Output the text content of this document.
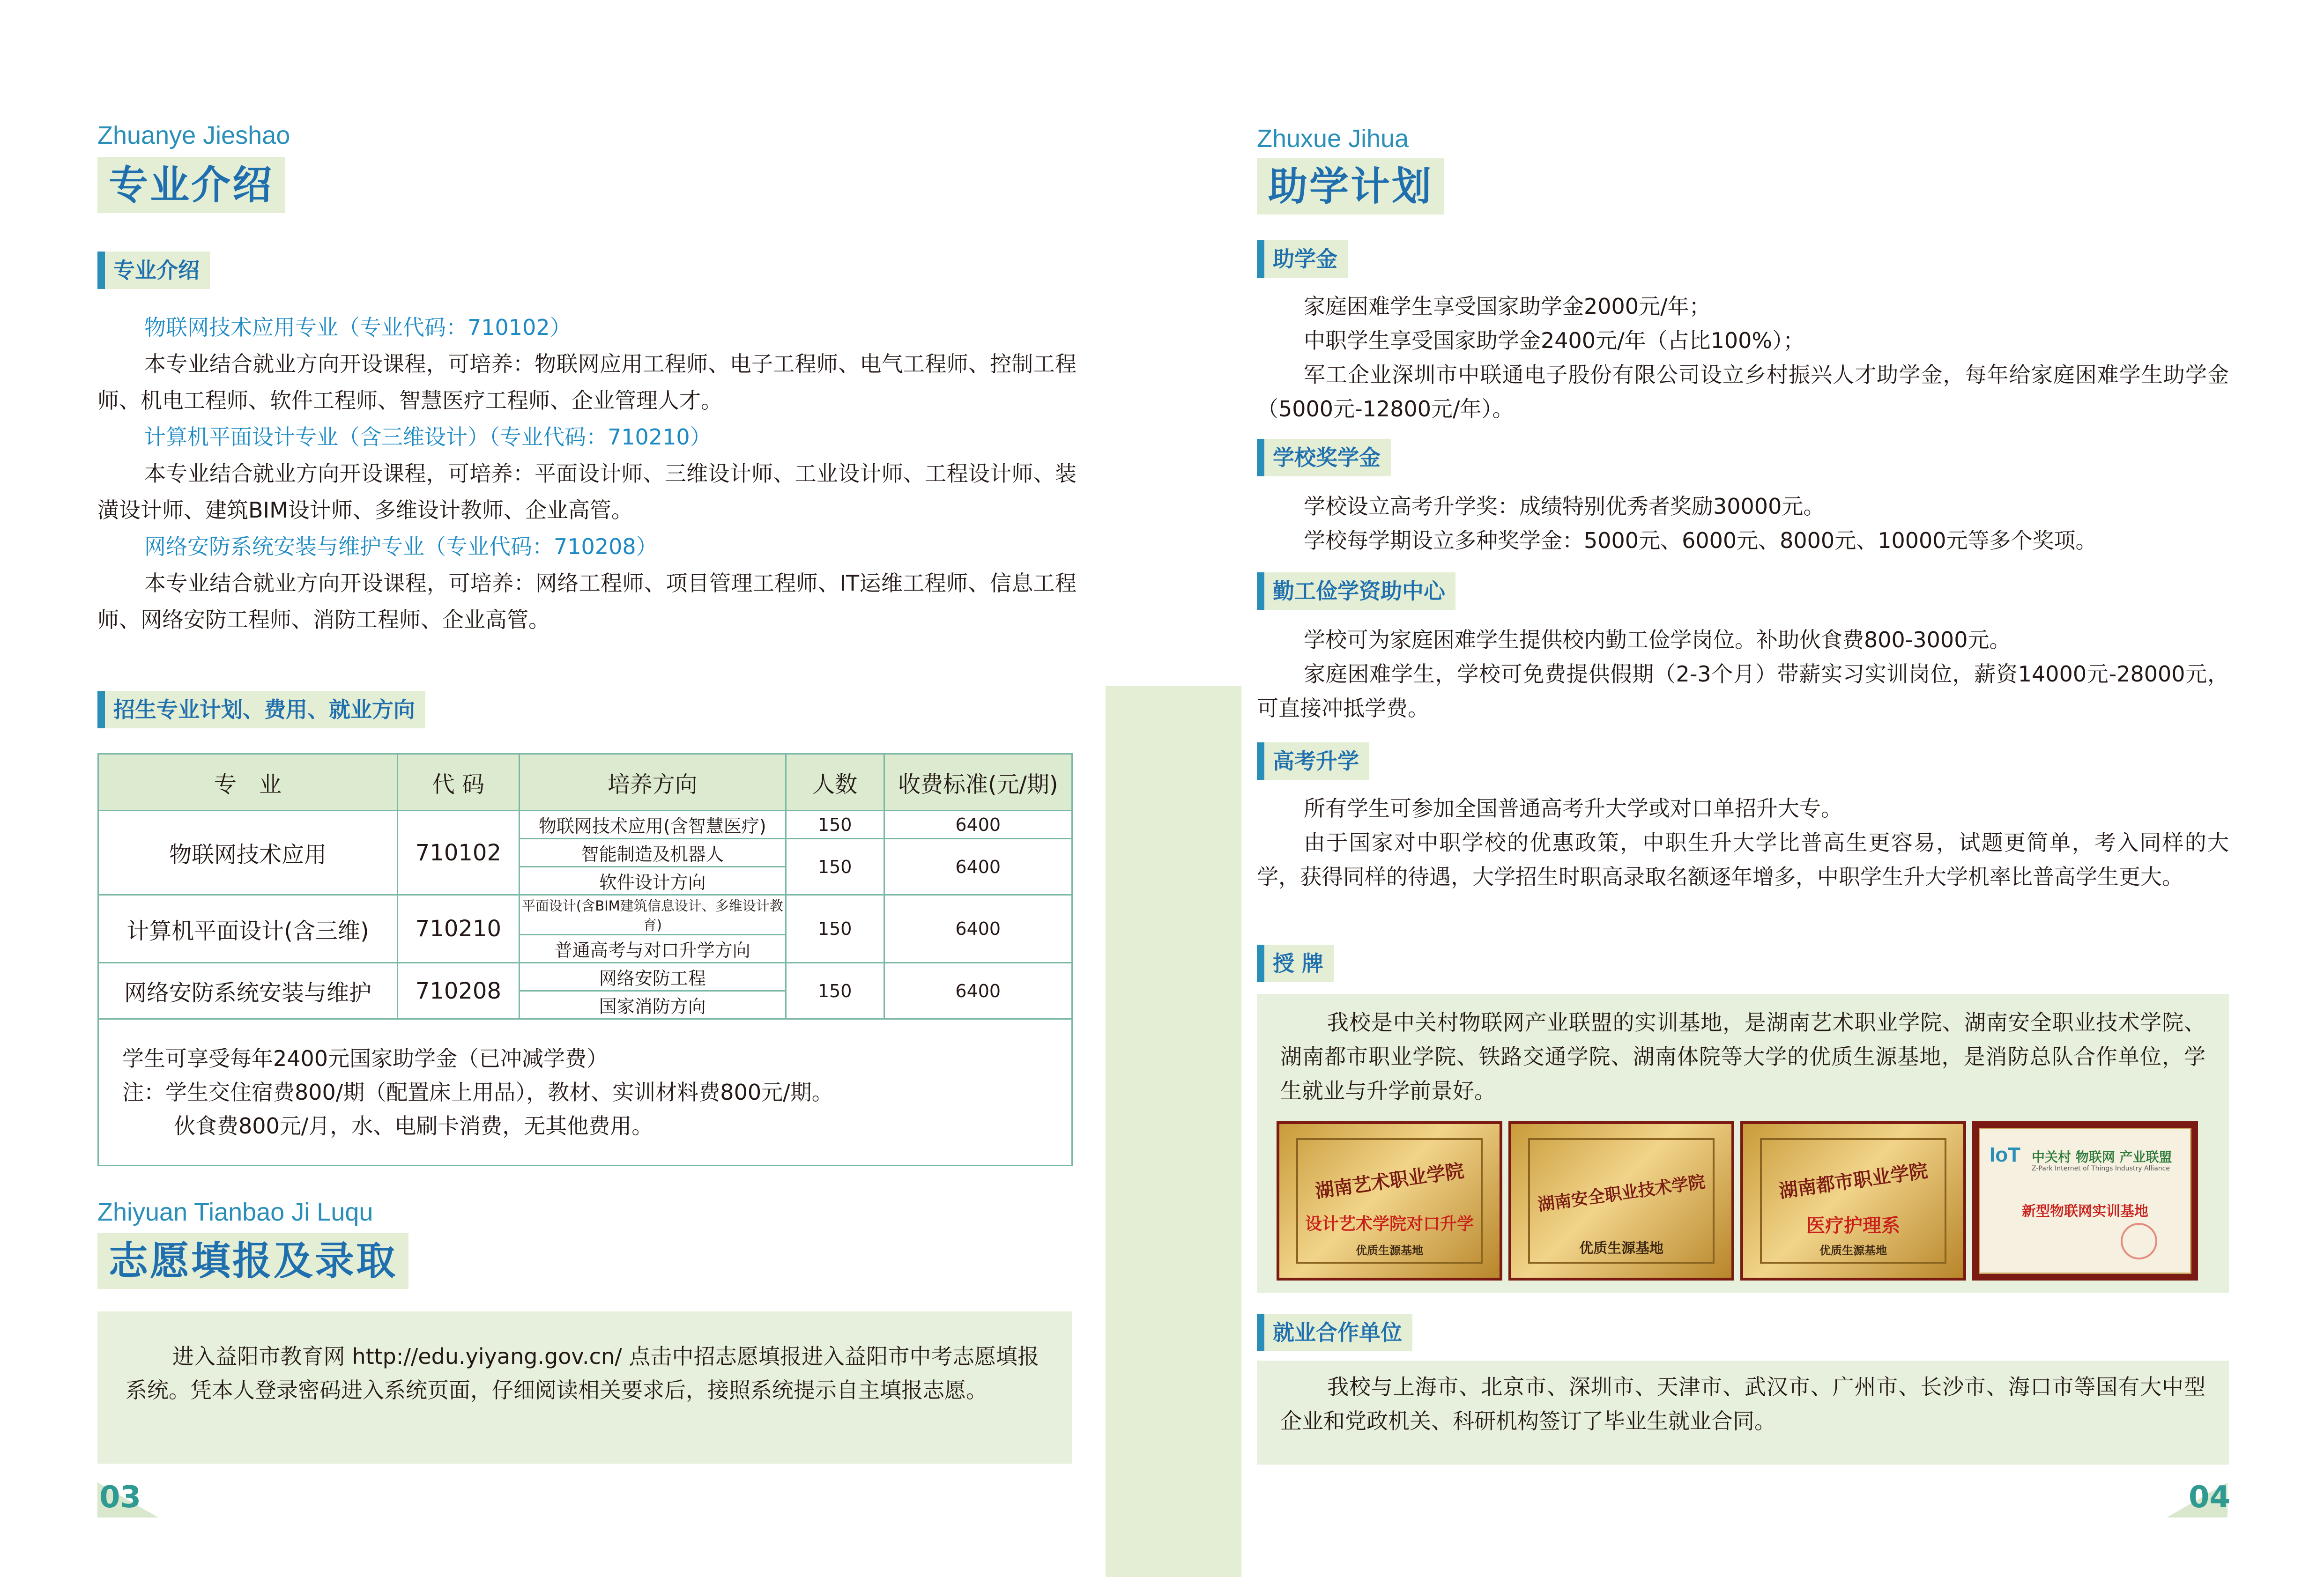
Zhuanye Jieshao
专业介绍
专业介绍

物联网技术应用专业（专业代码：710102）

本专业结合就业方向开设课程，可培养：物联网应用工程师、电子工程师、电气工程师、控制工程师、机电工程师、软件工程师、智慧医疗工程师、企业管理人才。

计算机平面设计专业（含三维设计）（专业代码：710210）

本专业结合就业方向开设课程，可培养：平面设计师、三维设计师、工业设计师、工程设计师、装潢设计师、建筑BIM设计师、多维设计教师、企业高管。

网络安防系统安装与维护专业（专业代码：710208）

本专业结合就业方向开设课程，可培养：网络工程师、项目管理工程师、IT运维工程师、信息工程师、网络安防工程师、消防工程师、企业高管。

招生专业计划、费用、就业方向
专　业	代 码	培养方向	人数	收费标准(元/期)
物联网技术应用	710102	物联网技术应用(含智慧医疗)	150	6400
		智能制造及机器人	150	6400
		软件设计方向		
计算机平面设计(含三维)	710210	平面设计(含BIM建筑信息设计、多维设计教育)	150	6400
		普通高考与对口升学方向		
网络安防系统安装与维护	710208	网络安防工程	150	6400
		国家消防方向		

学生可享受每年2400元国家助学金（已冲减学费）
注：学生交住宿费800/期（配置床上用品），教材、实训材料费800元/期。
伙食费800元/月，水、电刷卡消费，无其他费用。				
Zhiyuan Tianbao Ji Luqu
志愿填报及录取
进入益阳市教育网 http://edu.yiyang.gov.cn/ 点击中招志愿填报进入益阳市中考志愿填报系统。凭本人登录密码进入系统页面，仔细阅读相关要求后，接照系统提示自主填报志愿。
03
Zhuxue Jihua
助学计划
助学金

家庭困难学生享受国家助学金2000元/年；

中职学生享受国家助学金2400元/年（占比100%）；

军工企业深圳市中联通电子股份有限公司设立乡村振兴人才助学金，每年给家庭困难学生助学金（5000元-12800元/年）。

学校奖学金

学校设立高考升学奖：成绩特别优秀者奖励30000元。

学校每学期设立多种奖学金：5000元、6000元、8000元、10000元等多个奖项。

勤工俭学资助中心

学校可为家庭困难学生提供校内勤工俭学岗位。补助伙食费800-3000元。

家庭困难学生，学校可免费提供假期（2-3个月）带薪实习实训岗位，薪资14000元-28000元，可直接冲抵学费。

高考升学

所有学生可参加全国普通高考升大学或对口单招升大专。

由于国家对中职学校的优惠政策，中职生升大学比普高生更容易，试题更简单，考入同样的大学，获得同样的待遇，大学招生时职高录取名额逐年增多，中职学生升大学机率比普高学生更大。

授 牌
我校是中关村物联网产业联盟的实训基地，是湖南艺术职业学院、湖南安全职业技术学院、湖南都市职业学院、铁路交通学院、湖南体院等大学的优质生源基地，是消防总队合作单位，学生就业与升学前景好。
湖南艺术职业学院
设计艺术学院对口升学
优质生源基地
湖南安全职业技术学院
优质生源基地
湖南都市职业学院
医疗护理系
优质生源基地
IoT 中关村 物联网 产业联盟
Z-Park Internet of Things Industry Alliance
新型物联网实训基地
就业合作单位
我校与上海市、北京市、深圳市、天津市、武汉市、广州市、长沙市、海口市等国有大中型企业和党政机关、科研机构签订了毕业生就业合同。
04
